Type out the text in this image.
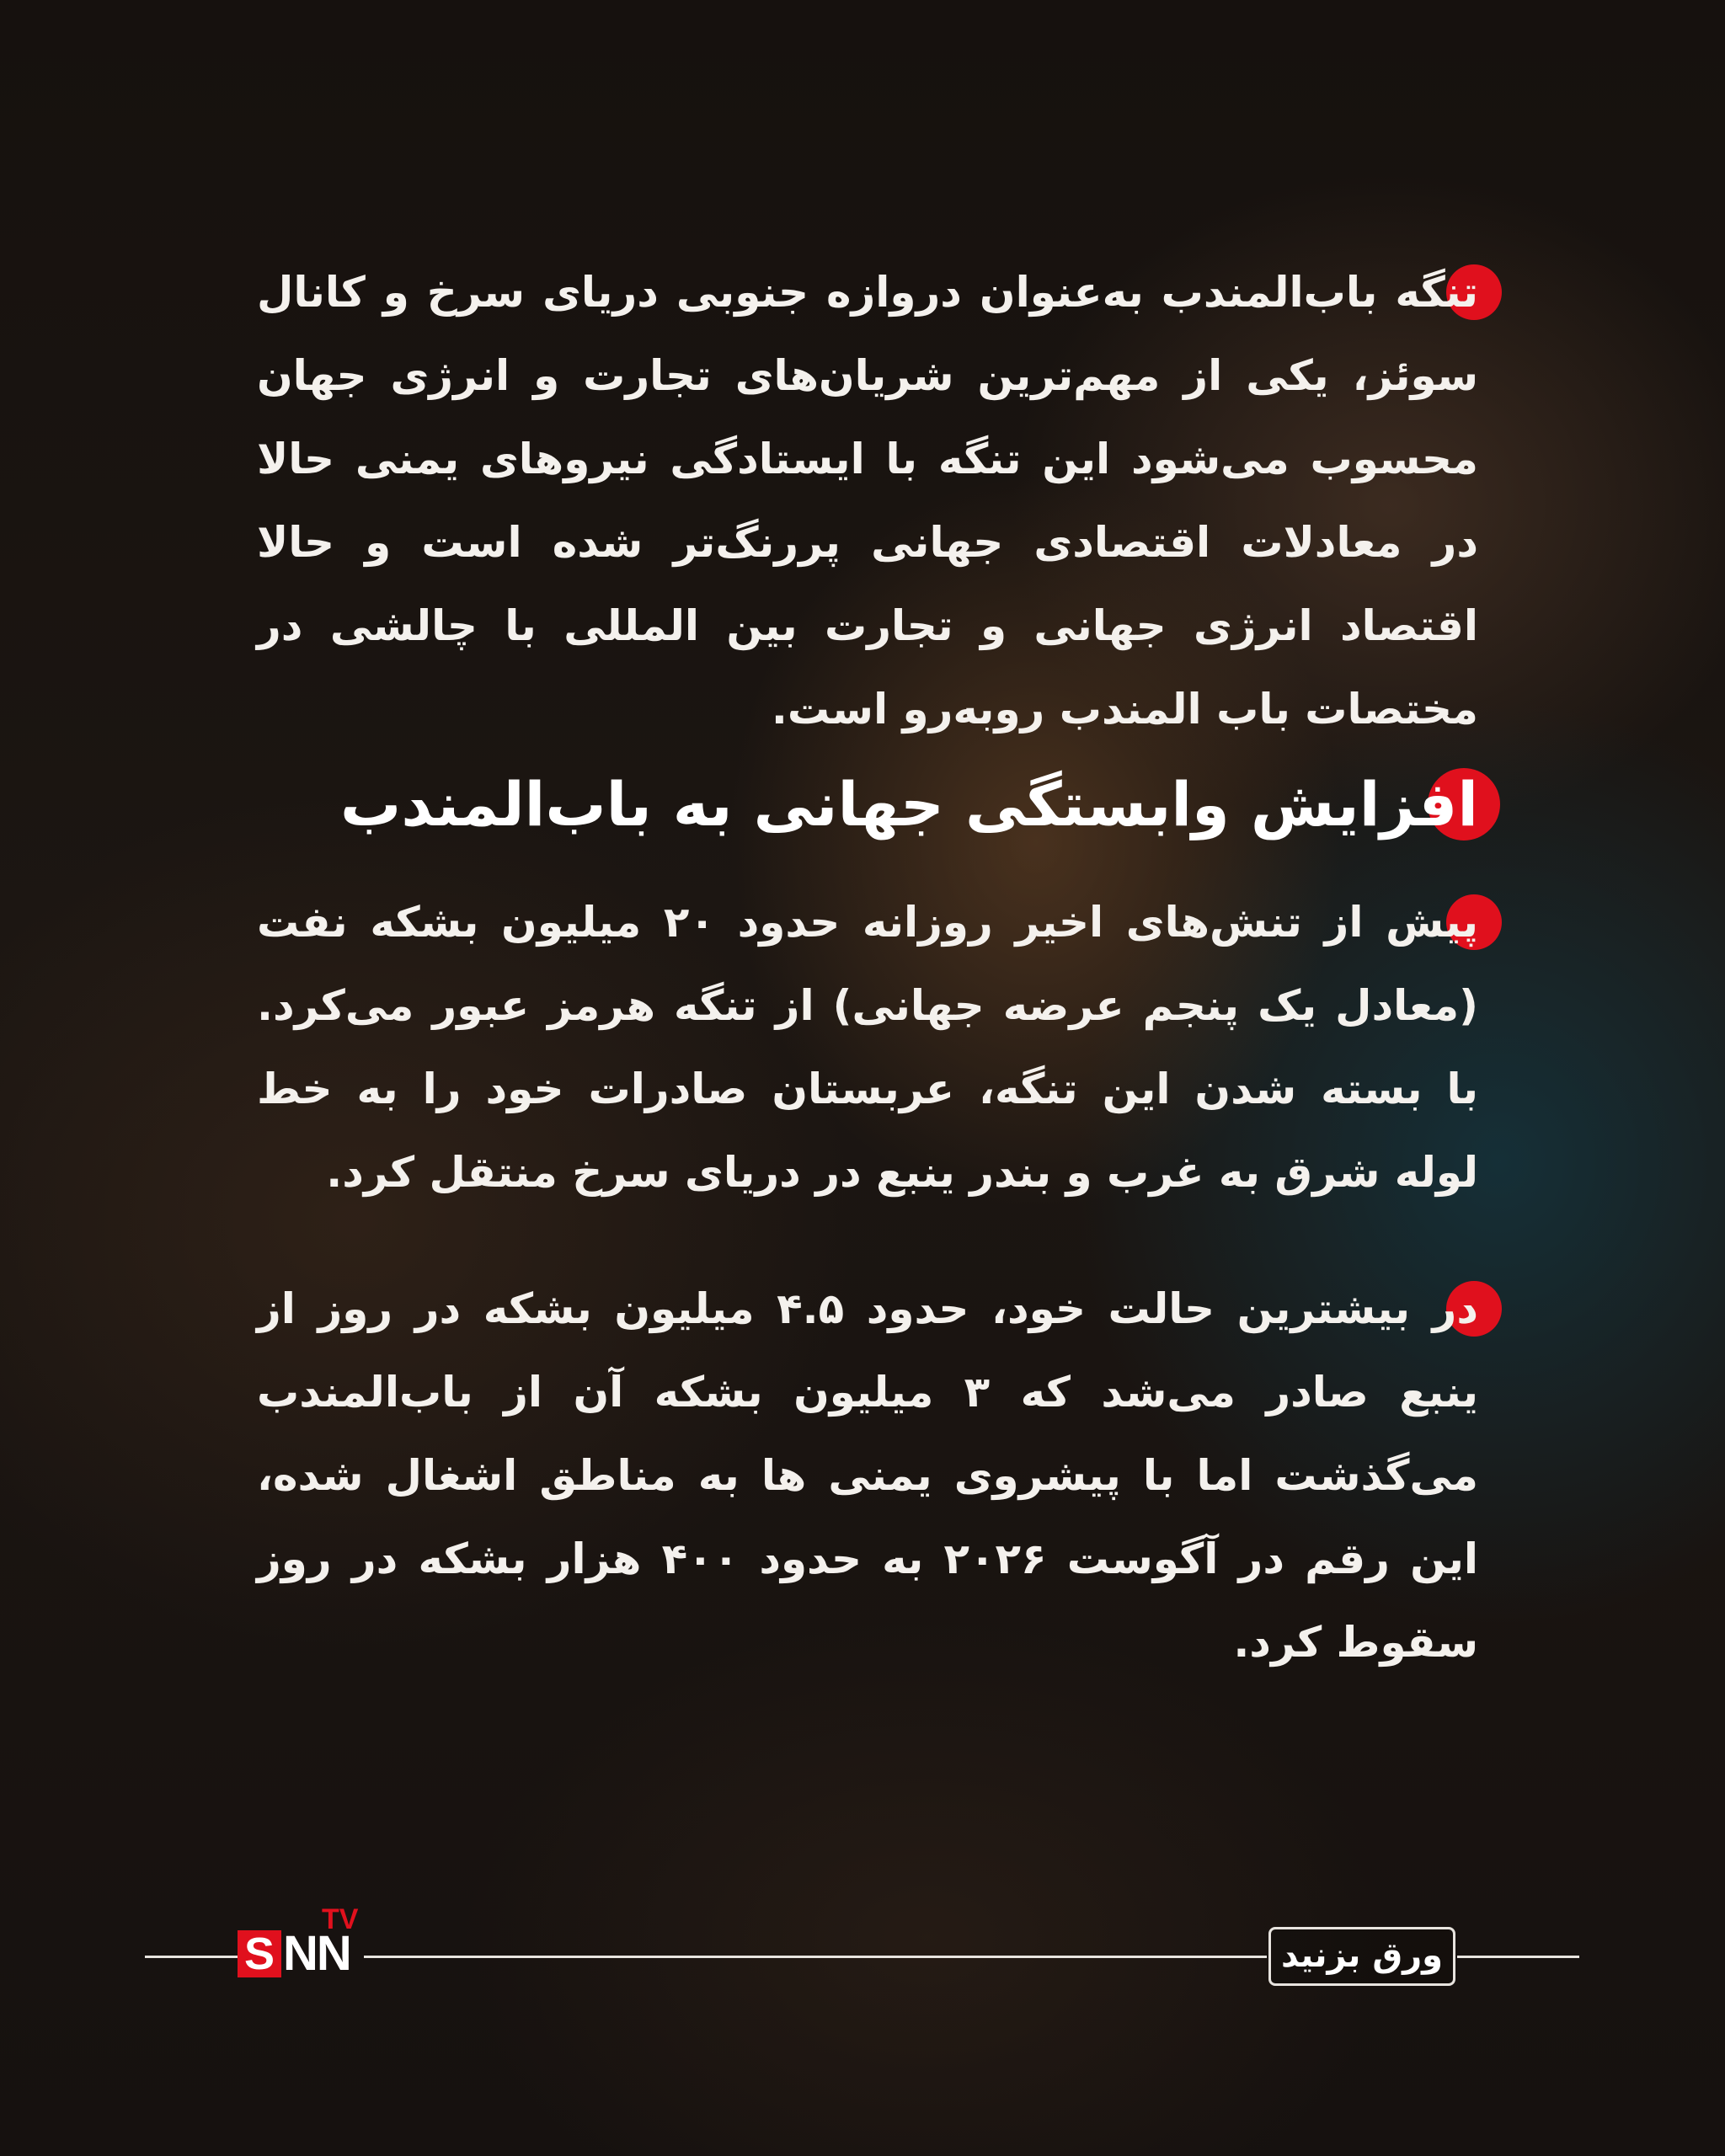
تنگه باب‌المندب به‌عنوان دروازه جنوبی دریای سرخ و کانال سوئز، یکی از مهم‌ترین شریان‌های تجارت و انرژی جهان محسوب می‌شود این تنگه با ایستادگی نیروهای یمنی حالا در معادلات اقتصادی جهانی پررنگ‌تر شده است و حالا اقتصاد انرژی جهانی و تجارت بین المللی با چالشی در مختصات باب المندب روبه‌رو است.

افزایش وابستگی جهانی به باب‌المندب

پیش از تنش‌های اخیر روزانه حدود ۲۰ میلیون بشکه نفت (معادل یک پنجم عرضه جهانی) از تنگه هرمز عبور می‌کرد. با بسته شدن این تنگه، عربستان صادرات خود را به خط لوله شرق به غرب و بندر ینبع در دریای سرخ منتقل کرد.

در بیشترین حالت خود، حدود ۴.۵ میلیون بشکه در روز از ینبع صادر می‌شد که ۳ میلیون بشکه آن از باب‌المندب می‌گذشت اما با پیشروی یمنی ها به مناطق اشغال شده، این رقم در آگوست ۲۰۲۶ به حدود ۴۰۰ هزار بشکه در روز سقوط کرد.

S NN
TV
ورق بزنید
